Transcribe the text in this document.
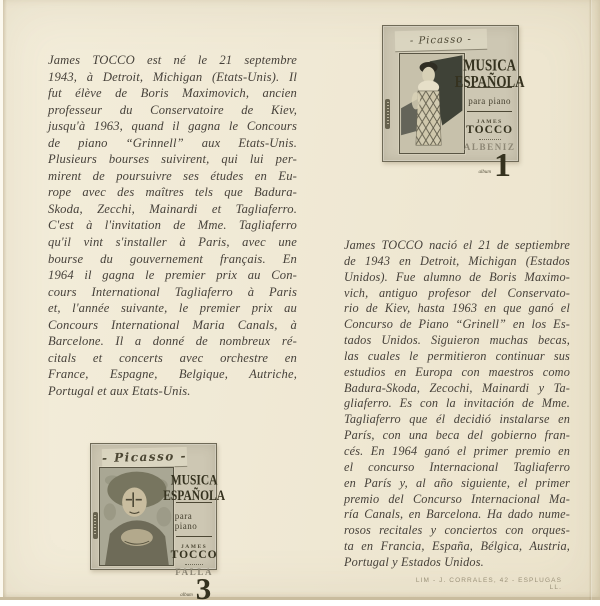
James TOCCO est né le 21 septembre
1943, à Detroit, Michigan (Etats-Unis). Il
fut élève de Boris Maximovich, ancien
professeur du Conservatoire de Kiev,
jusqu'à 1963, quand il gagna le Concours
de piano “Grinnell” aux Etats-Unis.
Plusieurs bourses suivirent, qui lui per-
mirent de poursuivre ses études en Eu-
rope avec des maîtres tels que Badura-
Skoda, Zecchi, Mainardi et Tagliaferro.
C'est à l'invitation de Mme. Tagliaferro
qu'il vint s'installer à Paris, avec une
bourse du gouvernement français. En
1964 il gagna le premier prix au Con-
cours International Tagliaferro à Paris
et, l'année suivante, le premier prix au
Concours International Maria Canals, à
Barcelone. Il a donné de nombreux ré-
citals et concerts avec orchestre en
France, Espagne, Belgique, Autriche,
Portugal et aux Etats-Unis.
James TOCCO nació el 21 de septiembre
de 1943 en Detroit, Michigan (Estados
Unidos). Fue alumno de Boris Maximo-
vich, antiguo profesor del Conservato-
rio de Kiev, hasta 1963 en que ganó el
Concurso de Piano “Grinell” en los Es-
tados Unidos. Siguieron muchas becas,
las cuales le permitieron continuar sus
estudios en Europa con maestros como
Badura-Skoda, Zecochi, Mainardi y Ta-
gliaferro. Es con la invitación de Mme.
Tagliaferro que él decidió instalarse en
París, con una beca del gobierno fran-
cés. En 1964 ganó el primer premio en
el concurso Internacional Tagliaferro
en París y, al año siguiente, el primer
premio del Concurso Internacional Ma-
ría Canals, en Barcelona. Ha dado nume-
rosos recitales y conciertos con orques-
ta en Francia, España, Bélgica, Austria,
Portugal y Estados Unidos.
- Picasso -
MUSICA
ESPAÑOLA
para piano
JAMES
TOCCO
ALBENIZ
album 1
- Picasso -
MUSICA
ESPAÑOLA
para piano
JAMES
TOCCO
FALLA
album 3	LIM - J. CORRALES, 42 - ESPLUGAS LL.
